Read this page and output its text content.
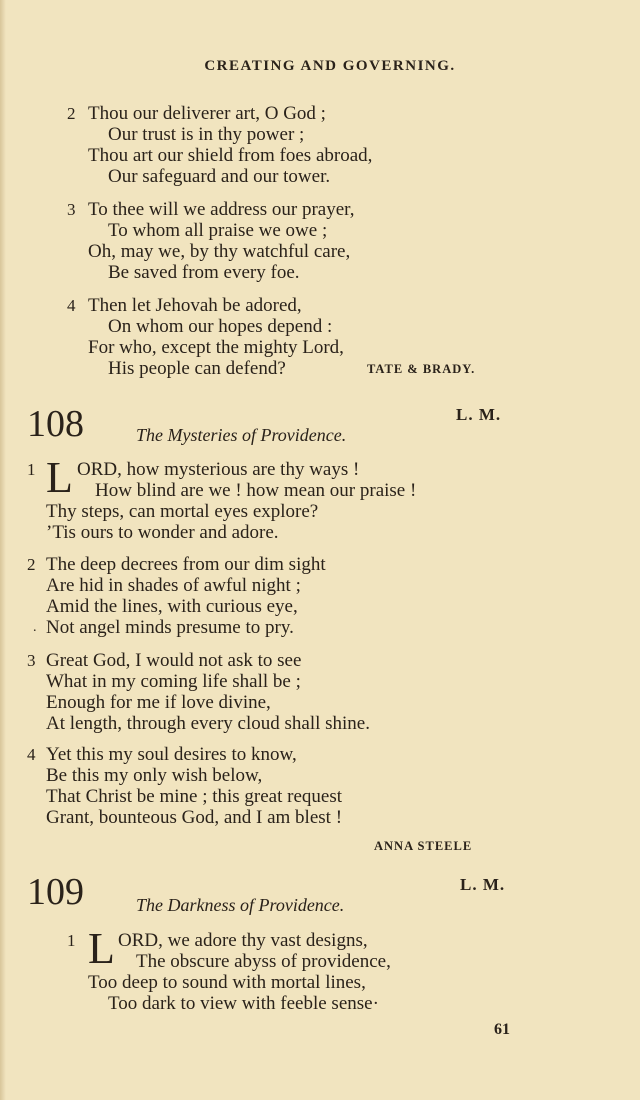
CREATING AND GOVERNING.
2 Thou our deliverer art, O God ;
Our trust is in thy power ;
Thou art our shield from foes abroad,
Our safeguard and our tower.
3 To thee will we address our prayer,
To whom all praise we owe ;
Oh, may we, by thy watchful care,
Be saved from every foe.
4 Then let Jehovah be adored,
On whom our hopes depend :
For who, except the mighty Lord,
His people can defend?	TATE & BRADY.
108	The Mysteries of Providence.
L. M.
1 L ORD, how mysterious are thy ways !
How blind are we ! how mean our praise !
Thy steps, can mortal eyes explore?
’Tis ours to wonder and adore.
2 The deep decrees from our dim sight
Are hid in shades of awful night ;
Amid the lines, with curious eye,
. Not angel minds presume to pry.
3 Great God, I would not ask to see
What in my coming life shall be ;
Enough for me if love divine,
At length, through every cloud shall shine.
4 Yet this my soul desires to know,
Be this my only wish below,
That Christ be mine ; this great request
Grant, bounteous God, and I am blest !
ANNA STEELE
109	The Darkness of Providence.
L. M.
1 L ORD, we adore thy vast designs,
The obscure abyss of providence,
Too deep to sound with mortal lines,
Too dark to view with feeble sense·
61
